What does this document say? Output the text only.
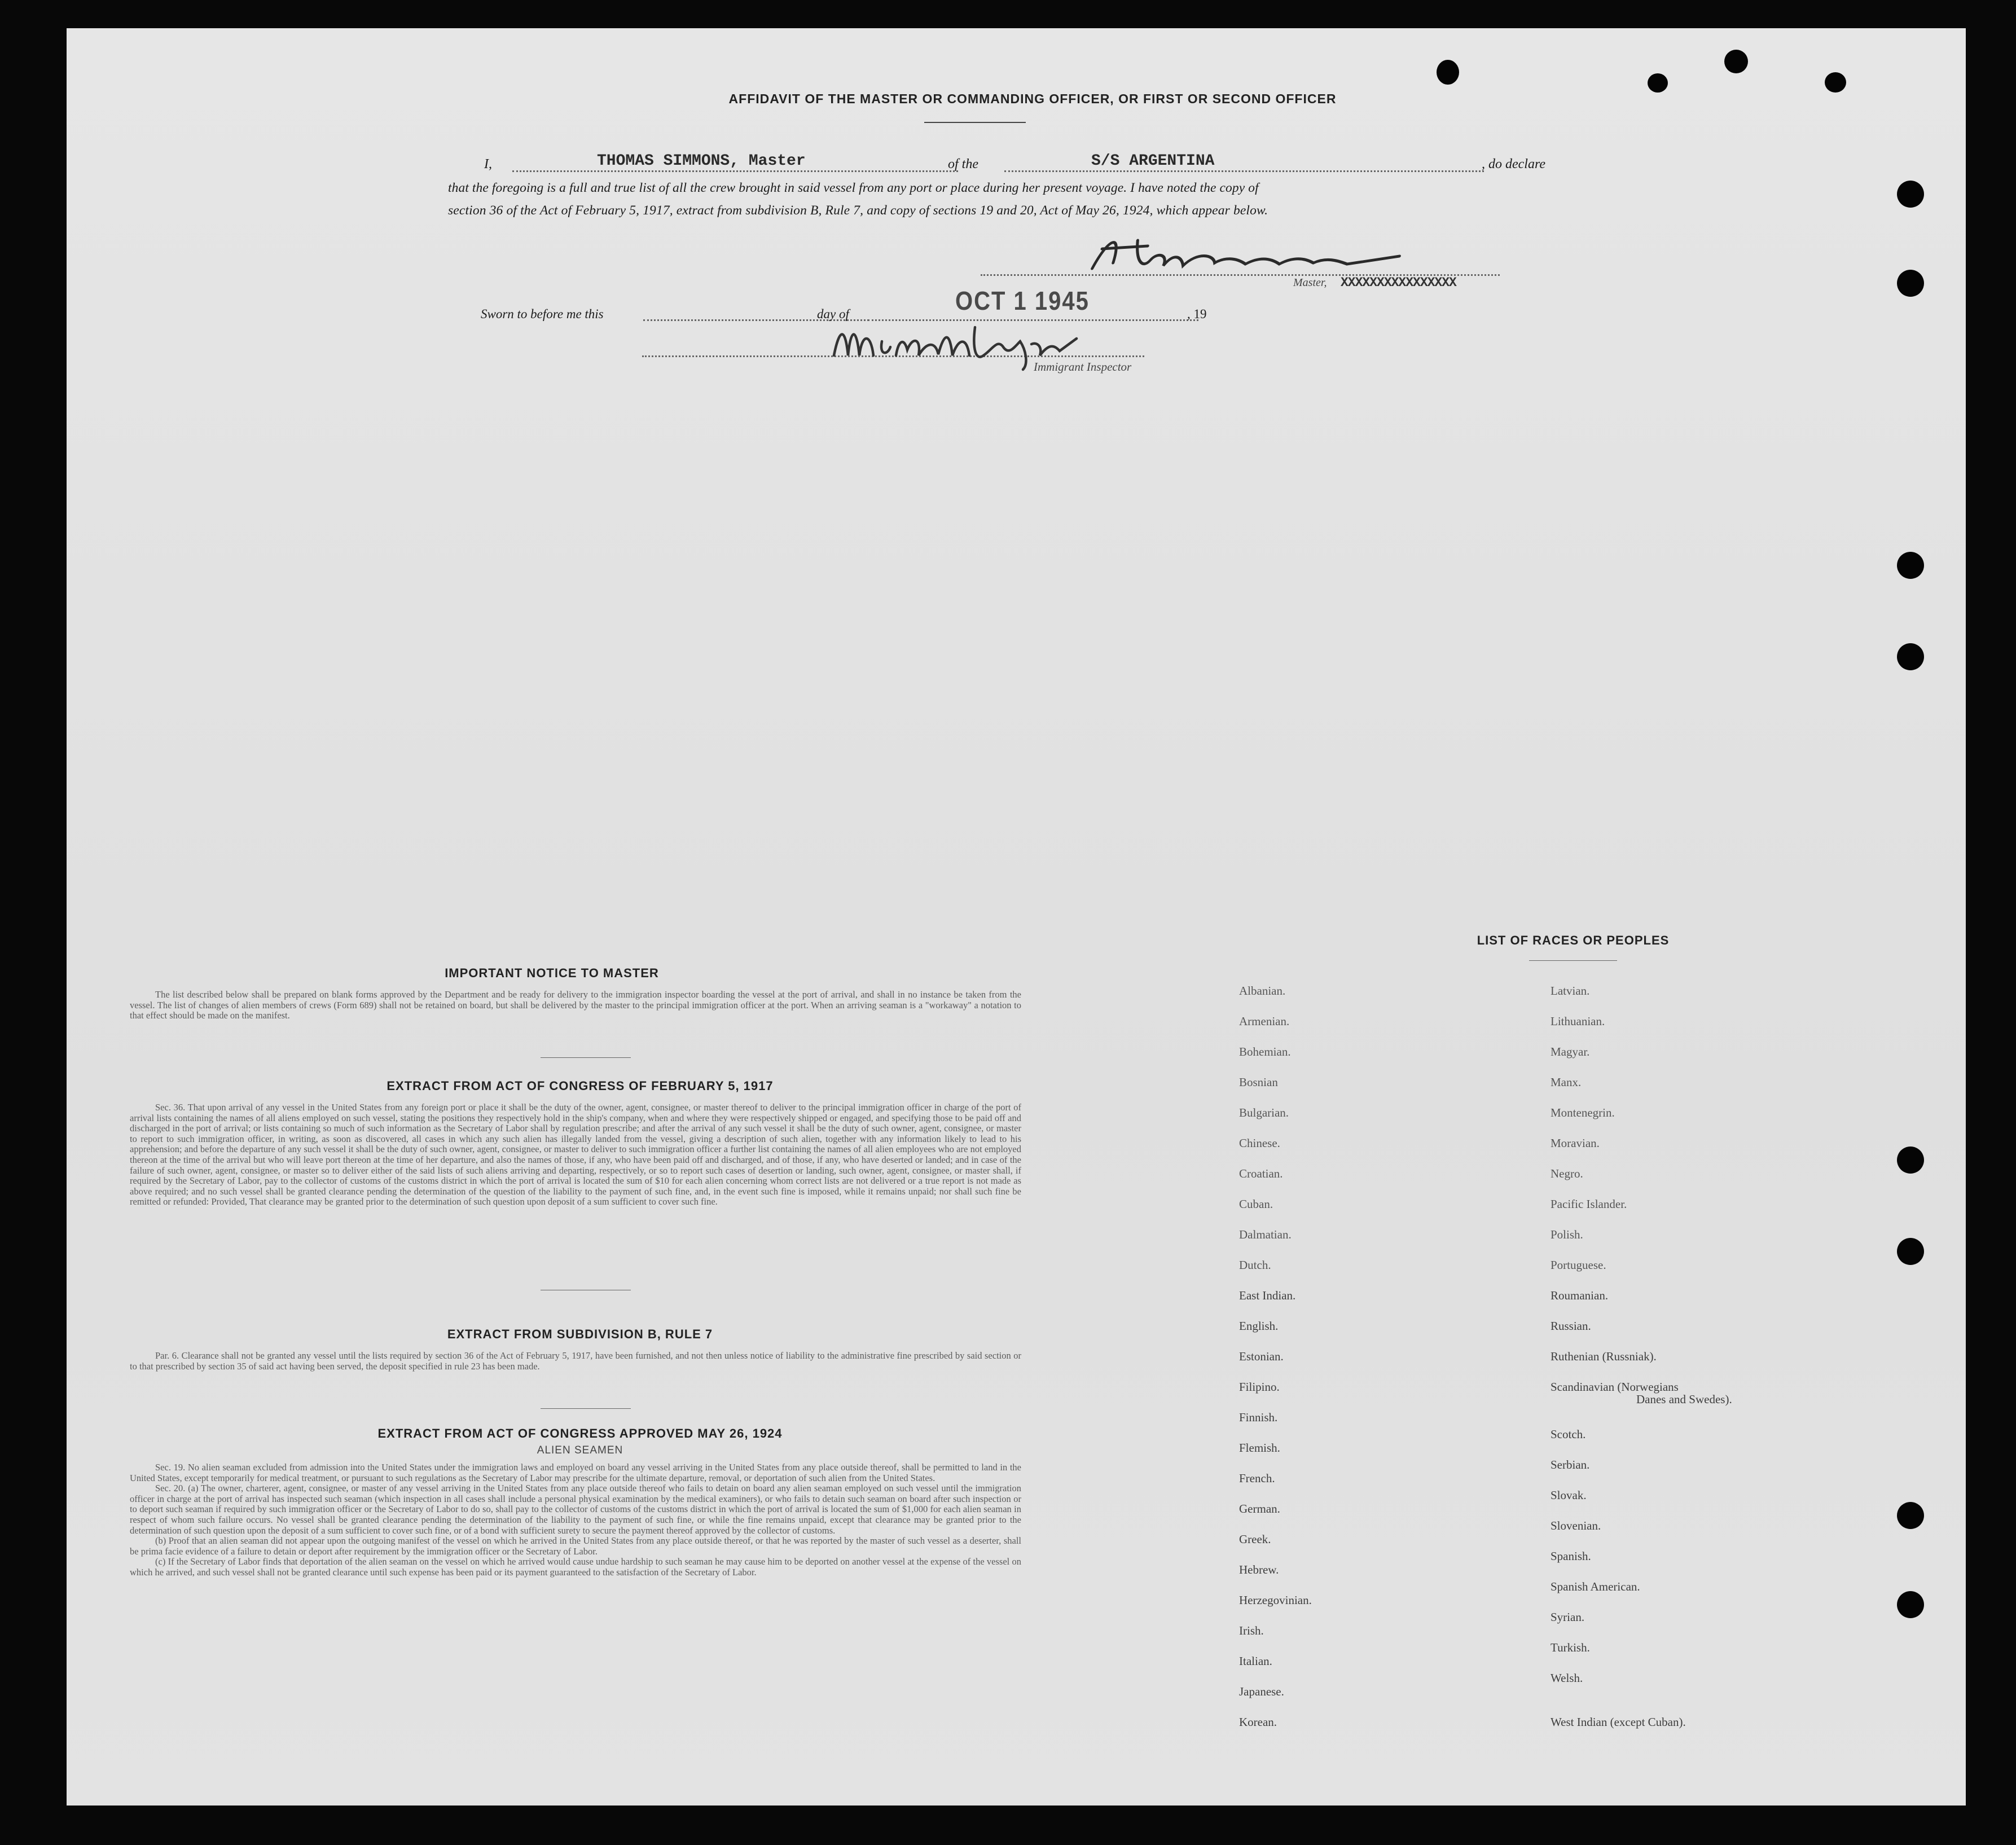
AFFIDAVIT OF THE MASTER OR COMMANDING OFFICER, OR FIRST OR SECOND OFFICER
I,	THOMAS SIMMONS, Master	of the	S/S ARGENTINA	, do declare
that the foregoing is a full and true list of all the crew brought in said vessel from any port or place during her present voyage. I have noted the copy of
section 36 of the Act of February 5, 1917, extract from subdivision B, Rule 7, and copy of sections 19 and 20, Act of May 26, 1924, which appear below.
Master, XXXXXXXXXXXXXXXX
Sworn to before me this	day of	OCT 1 1945	, 19
Immigrant Inspector
IMPORTANT NOTICE TO MASTER

The list described below shall be prepared on blank forms approved by the Department and be ready for delivery to the immigration inspector boarding the vessel at the port of arrival, and shall in no instance be taken from the vessel. The list of changes of alien members of crews (Form 689) shall not be retained on board, but shall be delivered by the master to the principal immigration officer at the port. When an arriving seaman is a "workaway" a notation to that effect should be made on the manifest.

EXTRACT FROM ACT OF CONGRESS OF FEBRUARY 5, 1917

Sec. 36. That upon arrival of any vessel in the United States from any foreign port or place it shall be the duty of the owner, agent, consignee, or master thereof to deliver to the principal immigration officer in charge of the port of arrival lists containing the names of all aliens employed on such vessel, stating the positions they respectively hold in the ship's company, when and where they were respectively shipped or engaged, and specifying those to be paid off and discharged in the port of arrival; or lists containing so much of such information as the Secretary of Labor shall by regulation prescribe; and after the arrival of any such vessel it shall be the duty of such owner, agent, consignee, or master to report to such immigration officer, in writing, as soon as discovered, all cases in which any such alien has illegally landed from the vessel, giving a description of such alien, together with any information likely to lead to his apprehension; and before the departure of any such vessel it shall be the duty of such owner, agent, consignee, or master to deliver to such immigration officer a further list containing the names of all alien employees who are not employed thereon at the time of the arrival but who will leave port thereon at the time of her departure, and also the names of those, if any, who have been paid off and discharged, and of those, if any, who have deserted or landed; and in case of the failure of such owner, agent, consignee, or master so to deliver either of the said lists of such aliens arriving and departing, respectively, or so to report such cases of desertion or landing, such owner, agent, consignee, or master shall, if required by the Secretary of Labor, pay to the collector of customs of the customs district in which the port of arrival is located the sum of $10 for each alien concerning whom correct lists are not delivered or a true report is not made as above required; and no such vessel shall be granted clearance pending the determination of the question of the liability to the payment of such fine, and, in the event such fine is imposed, while it remains unpaid; nor shall such fine be remitted or refunded: Provided, That clearance may be granted prior to the determination of such question upon deposit of a sum sufficient to cover such fine.

EXTRACT FROM SUBDIVISION B, RULE 7

Par. 6. Clearance shall not be granted any vessel until the lists required by section 36 of the Act of February 5, 1917, have been furnished, and not then unless notice of liability to the administrative fine prescribed by said section or to that prescribed by section 35 of said act having been served, the deposit specified in rule 23 has been made.

EXTRACT FROM ACT OF CONGRESS APPROVED MAY 26, 1924
ALIEN SEAMEN

Sec. 19. No alien seaman excluded from admission into the United States under the immigration laws and employed on board any vessel arriving in the United States from any place outside thereof, shall be permitted to land in the United States, except temporarily for medical treatment, or pursuant to such regulations as the Secretary of Labor may prescribe for the ultimate departure, removal, or deportation of such alien from the United States.

Sec. 20. (a) The owner, charterer, agent, consignee, or master of any vessel arriving in the United States from any place outside thereof who fails to detain on board any alien seaman employed on such vessel until the immigration officer in charge at the port of arrival has inspected such seaman (which inspection in all cases shall include a personal physical examination by the medical examiners), or who fails to detain such seaman on board after such inspection or to deport such seaman if required by such immigration officer or the Secretary of Labor to do so, shall pay to the collector of customs of the customs district in which the port of arrival is located the sum of $1,000 for each alien seaman in respect of whom such failure occurs. No vessel shall be granted clearance pending the determination of the liability to the payment of such fine, or while the fine remains unpaid, except that clearance may be granted prior to the determination of such question upon the deposit of a sum sufficient to cover such fine, or of a bond with sufficient surety to secure the payment thereof approved by the collector of customs.

(b) Proof that an alien seaman did not appear upon the outgoing manifest of the vessel on which he arrived in the United States from any place outside thereof, or that he was reported by the master of such vessel as a deserter, shall be prima facie evidence of a failure to detain or deport after requirement by the immigration officer or the Secretary of Labor.

(c) If the Secretary of Labor finds that deportation of the alien seaman on the vessel on which he arrived would cause undue hardship to such seaman he may cause him to be deported on another vessel at the expense of the vessel on which he arrived, and such vessel shall not be granted clearance until such expense has been paid or its payment guaranteed to the satisfaction of the Secretary of Labor.

LIST OF RACES OR PEOPLES
Albanian.
Armenian.
Bohemian.
Bosnian
Bulgarian.
Chinese.
Croatian.
Cuban.
Dalmatian.
Dutch.
East Indian.
English.
Estonian.
Filipino.
Finnish.
Flemish.
French.
German.
Greek.
Hebrew.
Herzegovinian.
Irish.
Italian.
Japanese.
Korean.
Latvian.
Lithuanian.
Magyar.
Manx.
Montenegrin.
Moravian.
Negro.
Pacific Islander.
Polish.
Portuguese.
Roumanian.
Russian.
Ruthenian (Russniak).
Scandinavian (Norwegians
Danes and Swedes).
Scotch.
Serbian.
Slovak.
Slovenian.
Spanish.
Spanish American.
Syrian.
Turkish.
Welsh.
West Indian (except Cuban).
